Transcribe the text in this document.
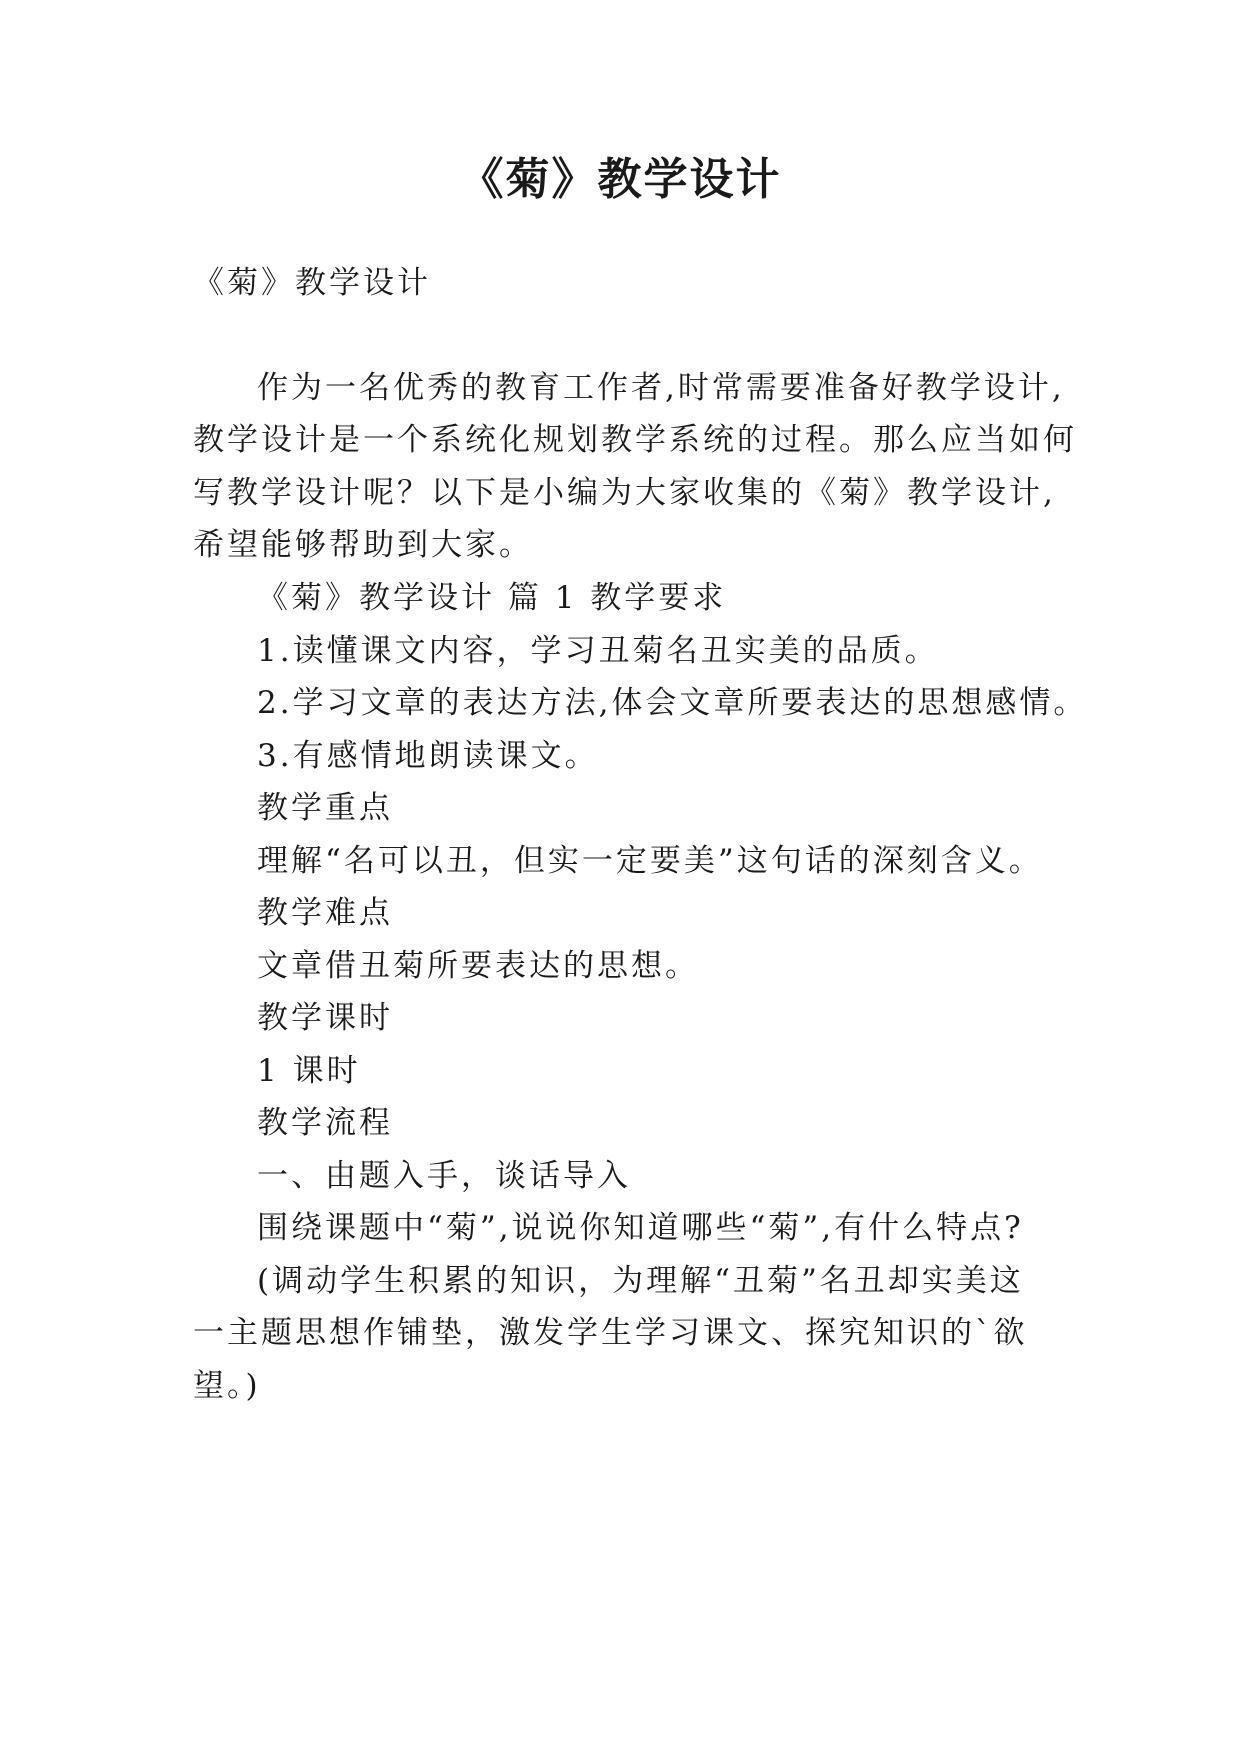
《菊》教学设计

《菊》教学设计

作为一名优秀的教育工作者,时常需要准备好教学设计,

教学设计是一个系统化规划教学系统的过程。那么应当如何

写教学设计呢？以下是小编为大家收集的《菊》教学设计,

希望能够帮助到大家。

《菊》教学设计 篇 1 教学要求

1.读懂课文内容，学习丑菊名丑实美的品质。

2.学习文章的表达方法,体会文章所要表达的思想感情。

3.有感情地朗读课文。

教学重点

理解“名可以丑，但实一定要美”这句话的深刻含义。

教学难点

文章借丑菊所要表达的思想。

教学课时

1 课时

教学流程

一、由题入手，谈话导入

围绕课题中“菊”,说说你知道哪些“菊”,有什么特点?

(调动学生积累的知识，为理解“丑菊”名丑却实美这

一主题思想作铺垫，激发学生学习课文、探究知识的`欲

望。)
